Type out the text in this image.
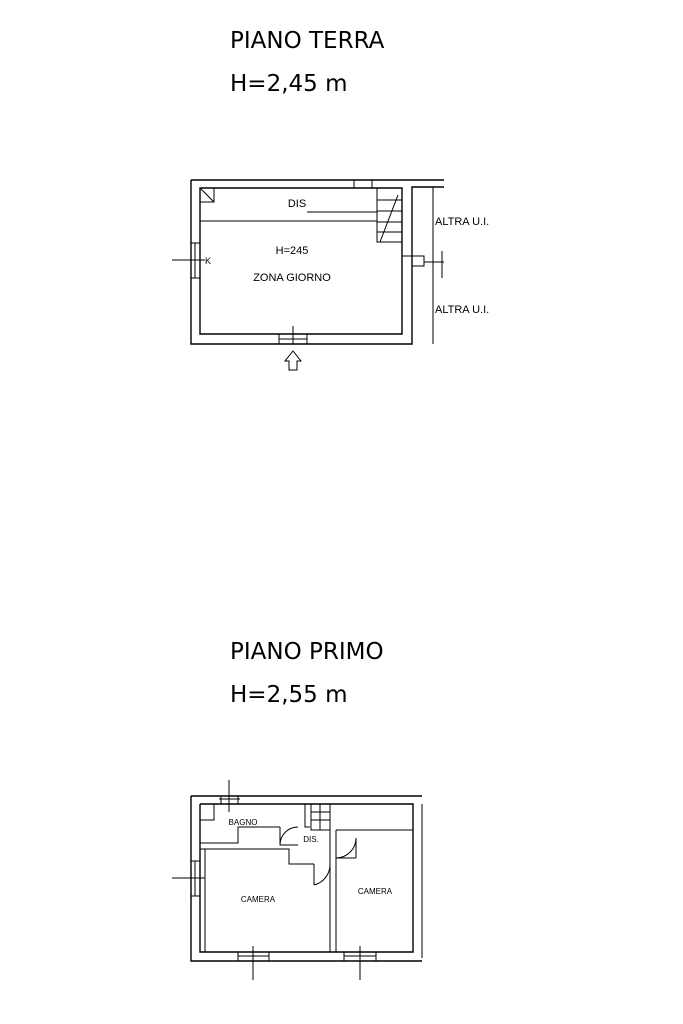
PIANO TERRA
H=2,45 m
PIANO PRIMO
H=2,55 m
DIS
H=245
ZONA GIORNO
ALTRA U.I.
ALTRA U.I.
K
BAGNO
DIS.
CAMERA
CAMERA
